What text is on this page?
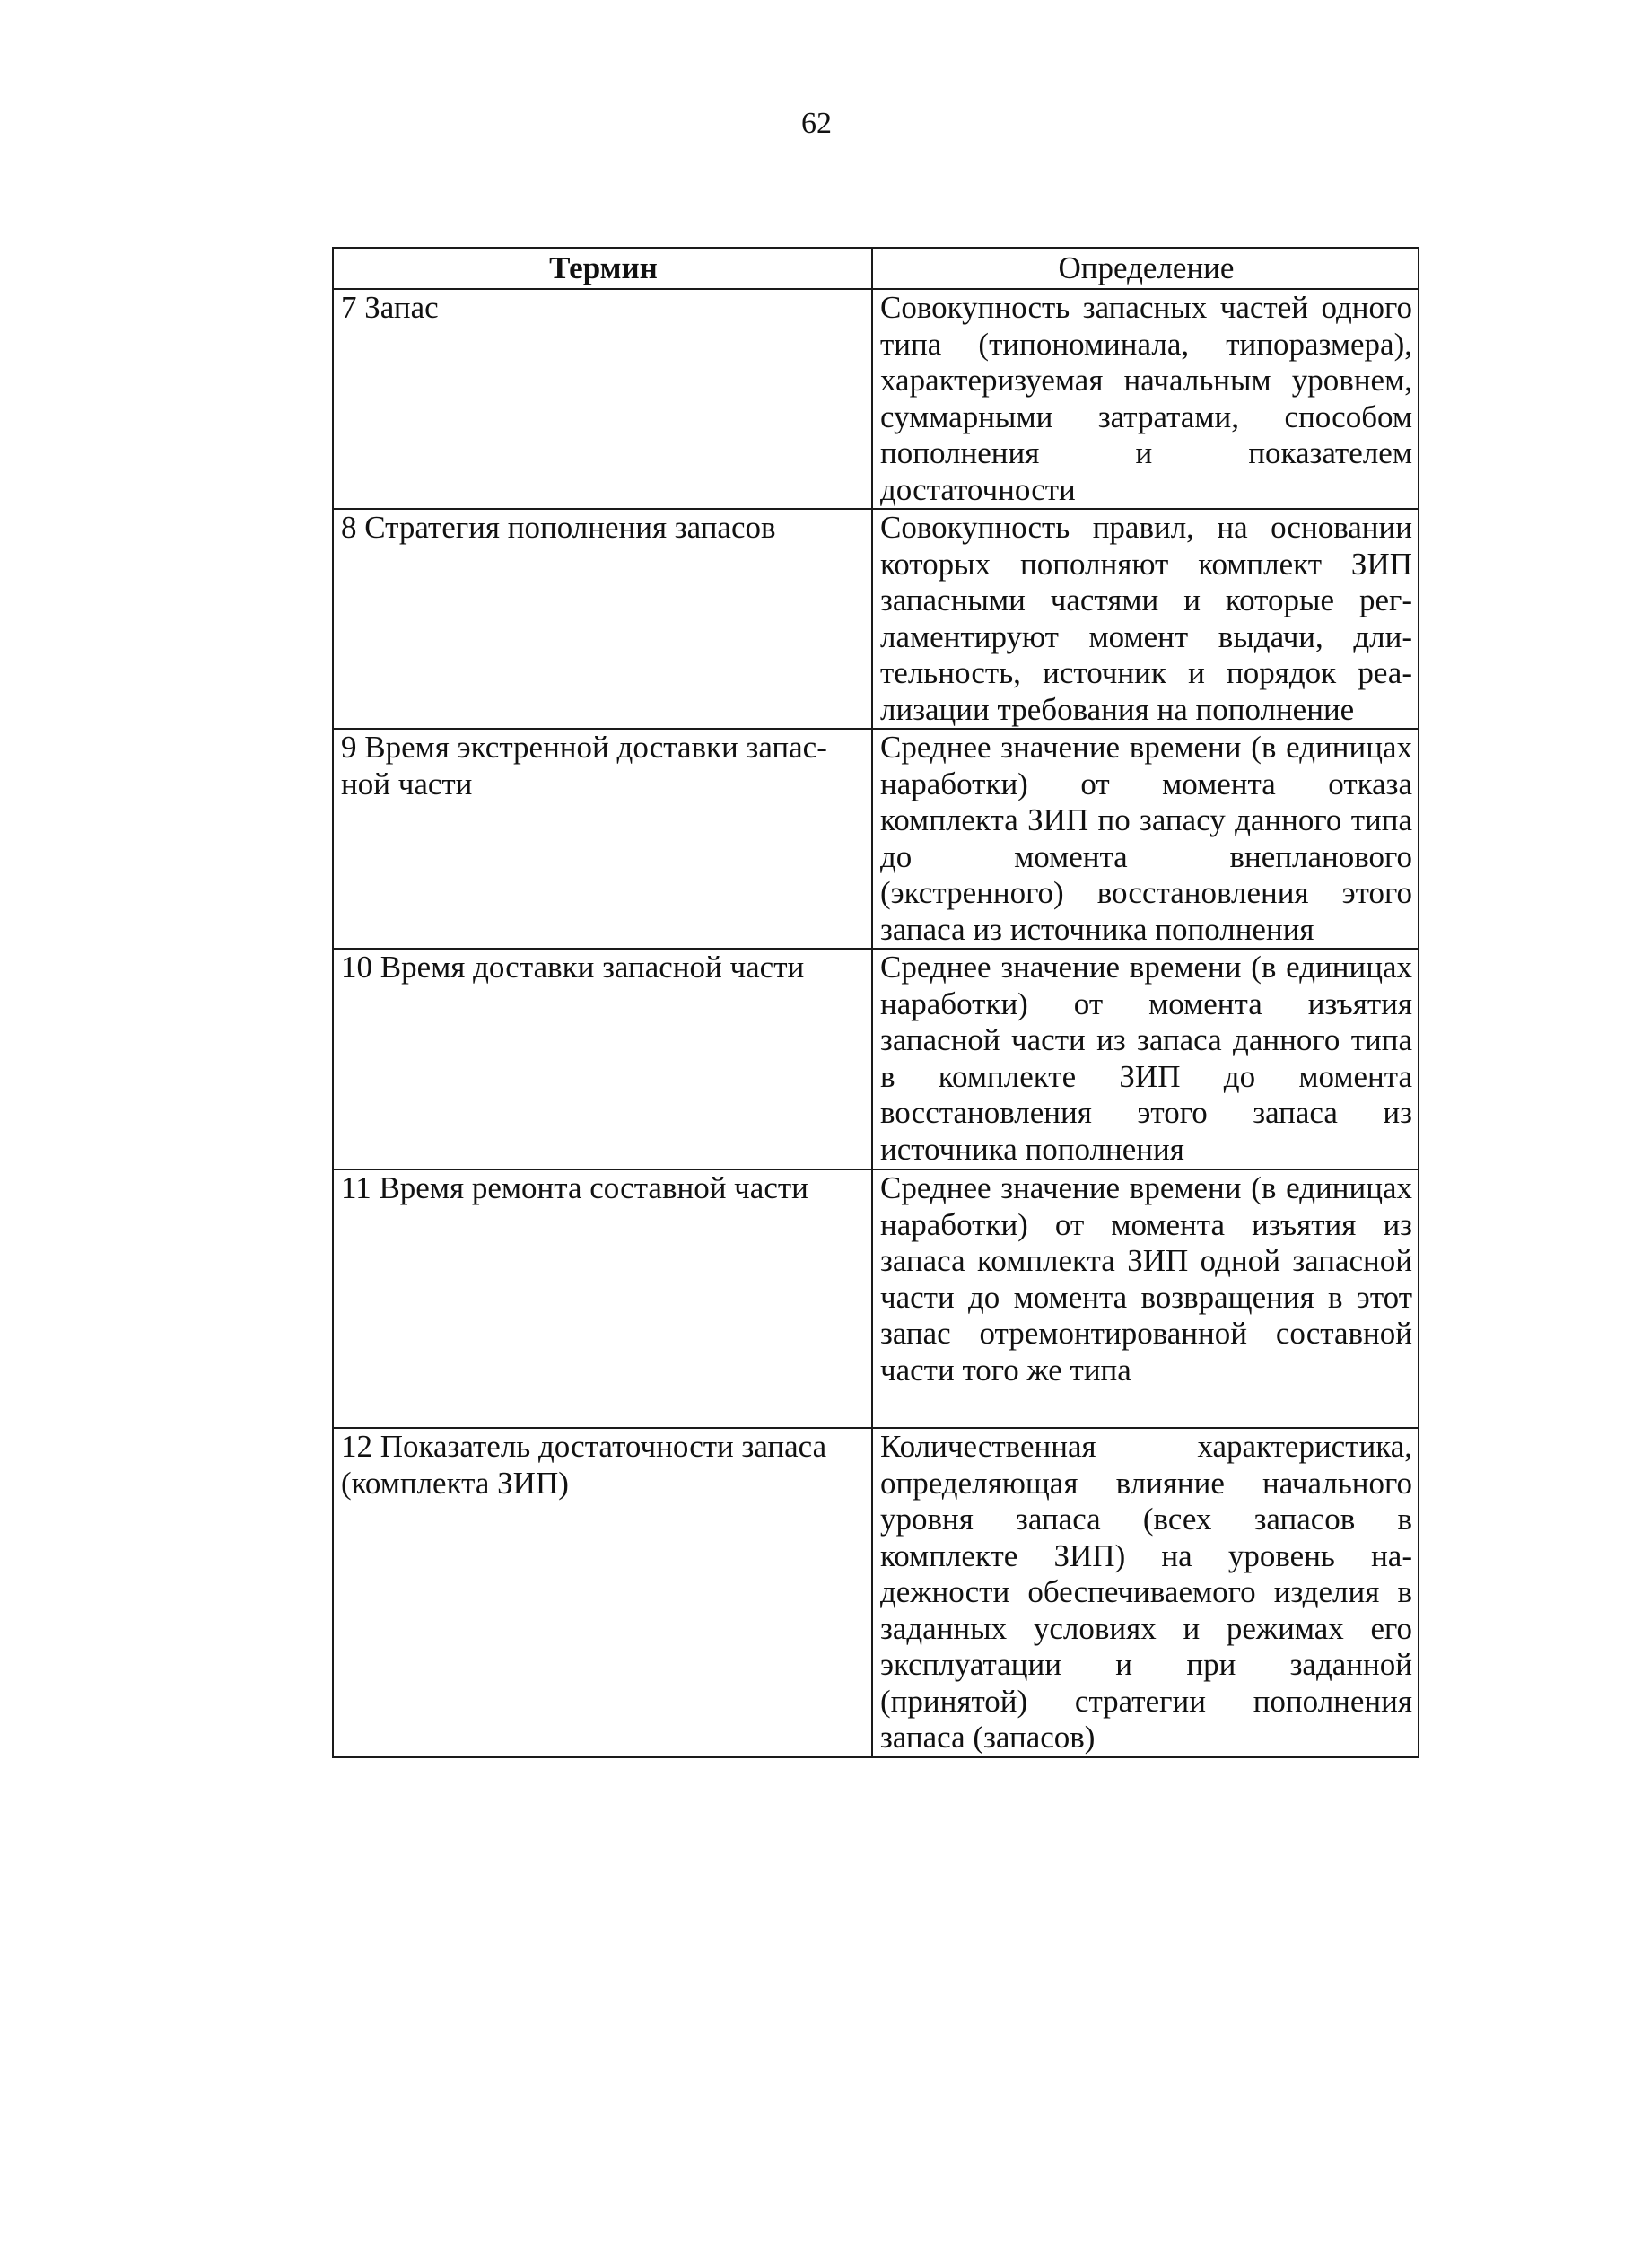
62
Термин	Определение
7 Запас	Совокупность запасных частей одного типа (типономинала, типоразмера), характеризуемая начальным уровнем, суммарными затратами, способом пополнения и показателем достаточности
8 Стратегия пополнения запасов	Совокупность правил, на основании которых пополняют комплект ЗИП запасными частями и которые регламентируют момент выдачи, длительность, источник и порядок реализации требования на пополнение
9 Время экстренной доставки запасной части	Среднее значение времени (в единицах наработки) от момента отказа комплекта ЗИП по запасу данного типа до момента внепланового (экстренного) восстановления этого запаса из источника пополнения
10 Время доставки запасной части	Среднее значение времени (в единицах наработки) от момента изъятия запасной части из запаса данного типа в комплекте ЗИП до момента восстановления этого запаса из источника пополнения
11 Время ремонта составной части	Среднее значение времени (в единицах наработки) от момента изъятия из запаса комплекта ЗИП одной запасной части до момента возвращения в этот запас отремонтированной составной части того же типа
12 Показатель достаточности запаса (комплекта ЗИП)	Количественная характеристика, определяющая влияние начального уровня запаса (всех запасов в комплекте ЗИП) на уровень надежности обеспечиваемого изделия в заданных условиях и режимах его эксплуатации и при заданной (принятой) стратегии пополнения запаса (запасов)
